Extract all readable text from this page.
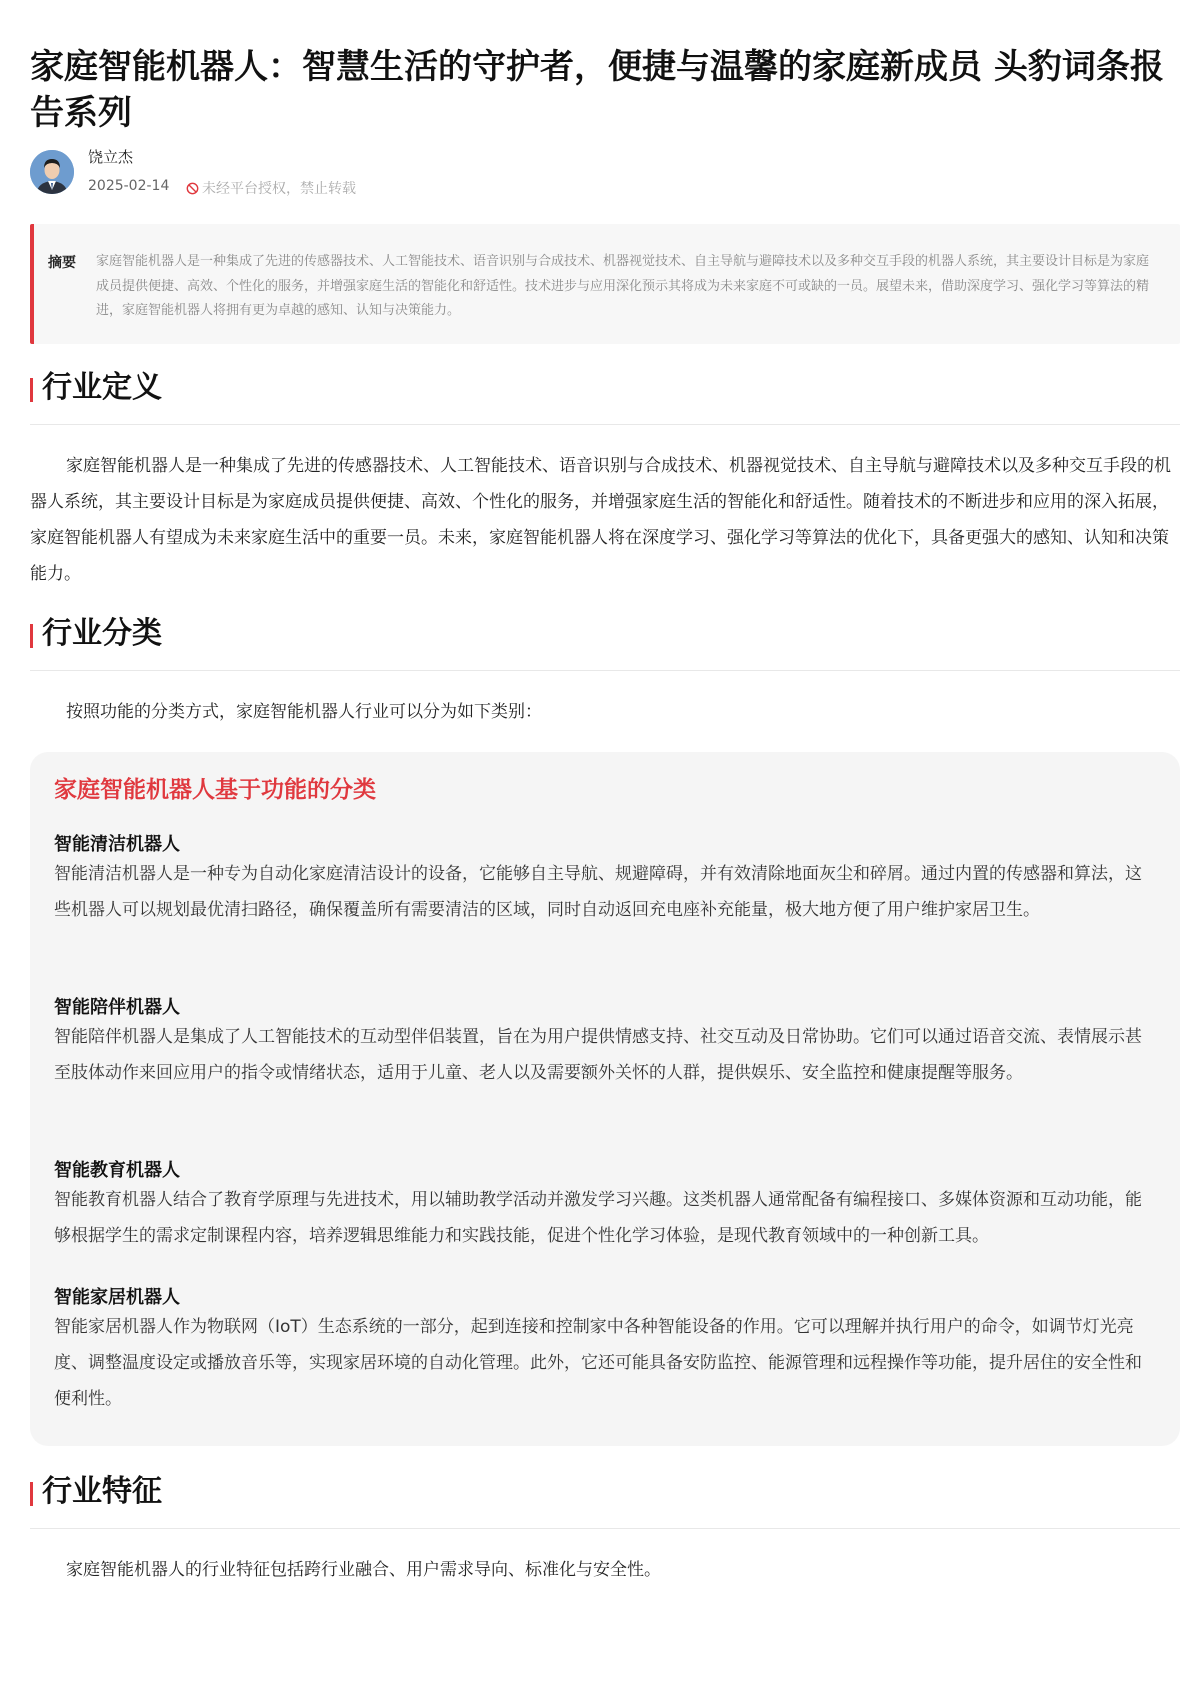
家庭智能机器人：智慧生活的守护者，便捷与温馨的家庭新成员 头豹词条报告系列
饶立杰
2025-02-14 未经平台授权，禁止转载
摘要 家庭智能机器人是一种集成了先进的传感器技术、人工智能技术、语音识别与合成技术、机器视觉技术、自主导航与避障技术以及多种交互手段的机器人系统，其主要设计目标是为家庭成员提供便捷、高效、个性化的服务，并增强家庭生活的智能化和舒适性。技术进步与应用深化预示其将成为未来家庭不可或缺的一员。展望未来，借助深度学习、强化学习等算法的精进，家庭智能机器人将拥有更为卓越的感知、认知与决策能力。

行业定义

家庭智能机器人是一种集成了先进的传感器技术、人工智能技术、语音识别与合成技术、机器视觉技术、自主导航与避障技术以及多种交互手段的机器人系统，其主要设计目标是为家庭成员提供便捷、高效、个性化的服务，并增强家庭生活的智能化和舒适性。随着技术的不断进步和应用的深入拓展，家庭智能机器人有望成为未来家庭生活中的重要一员。未来，家庭智能机器人将在深度学习、强化学习等算法的优化下，具备更强大的感知、认知和决策能力。

行业分类

按照功能的分类方式，家庭智能机器人行业可以分为如下类别：

家庭智能机器人基于功能的分类
智能清洁机器人

智能清洁机器人是一种专为自动化家庭清洁设计的设备，它能够自主导航、规避障碍，并有效清除地面灰尘和碎屑。通过内置的传感器和算法，这些机器人可以规划最优清扫路径，确保覆盖所有需要清洁的区域，同时自动返回充电座补充能量，极大地方便了用户维护家居卫生。

智能陪伴机器人

智能陪伴机器人是集成了人工智能技术的互动型伴侣装置，旨在为用户提供情感支持、社交互动及日常协助。它们可以通过语音交流、表情展示甚至肢体动作来回应用户的指令或情绪状态，适用于儿童、老人以及需要额外关怀的人群，提供娱乐、安全监控和健康提醒等服务。

智能教育机器人

智能教育机器人结合了教育学原理与先进技术，用以辅助教学活动并激发学习兴趣。这类机器人通常配备有编程接口、多媒体资源和互动功能，能够根据学生的需求定制课程内容，培养逻辑思维能力和实践技能，促进个性化学习体验，是现代教育领域中的一种创新工具。

智能家居机器人

智能家居机器人作为物联网（IoT）生态系统的一部分，起到连接和控制家中各种智能设备的作用。它可以理解并执行用户的命令，如调节灯光亮度、调整温度设定或播放音乐等，实现家居环境的自动化管理。此外，它还可能具备安防监控、能源管理和远程操作等功能，提升居住的安全性和便利性。

行业特征

家庭智能机器人的行业特征包括跨行业融合、用户需求导向、标准化与安全性。
